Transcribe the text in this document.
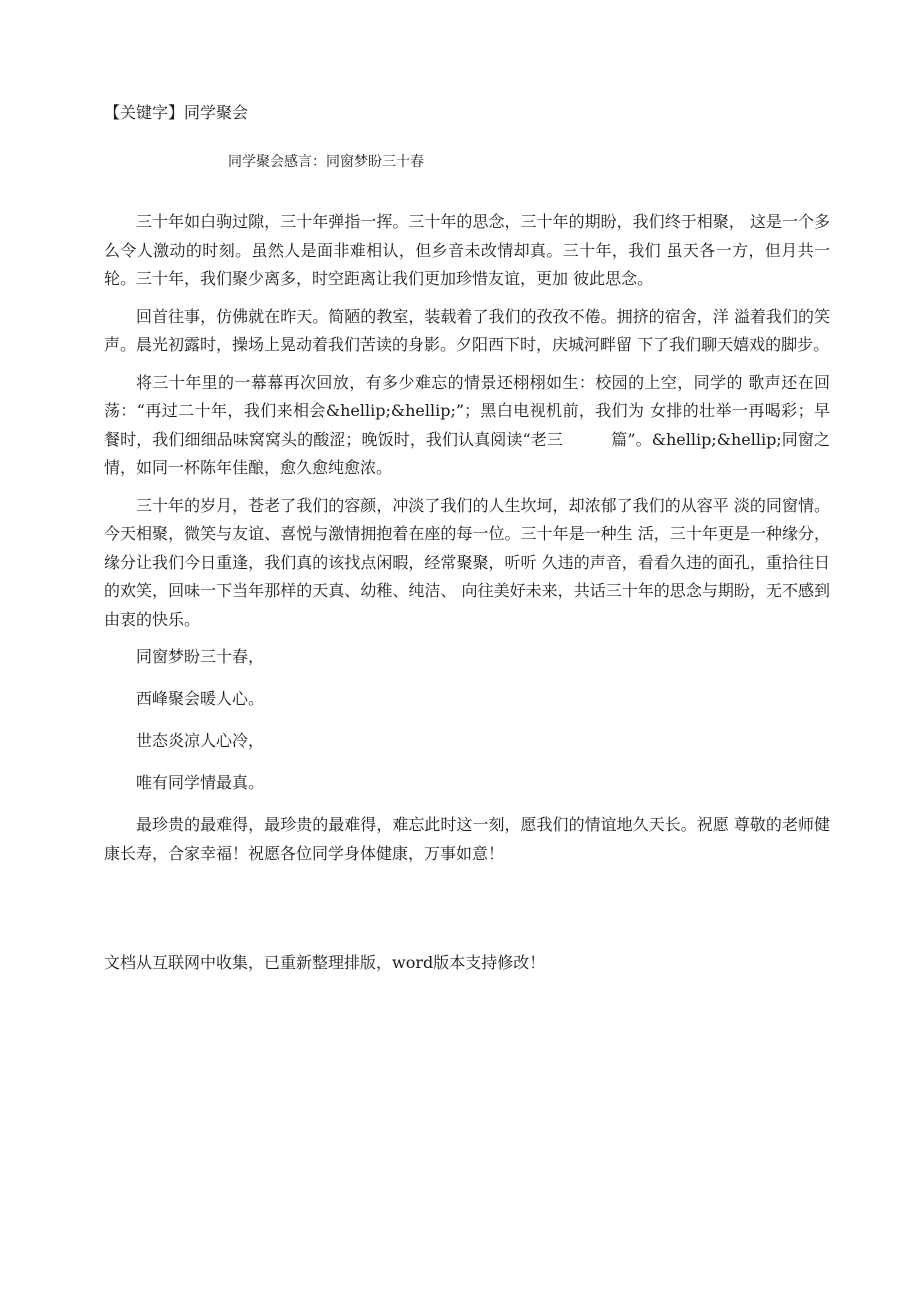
【关键字】同学聚会
同学聚会感言：同窗梦盼三十春

三十年如白驹过隙，三十年弹指一挥。三十年的思念，三十年的期盼，我们终于相聚， 这是一个多么令人激动的时刻。虽然人是面非难相认，但乡音未改情却真。三十年，我们 虽天各一方，但月共一轮。三十年，我们聚少离多，时空距离让我们更加珍惜友谊，更加 彼此思念。

回首往事，仿佛就在昨天。简陋的教室，装载着了我们的孜孜不倦。拥挤的宿舍，洋 溢着我们的笑声。晨光初露时，操场上晃动着我们苦读的身影。夕阳西下时，庆城河畔留 下了我们聊天嬉戏的脚步。

将三十年里的一幕幕再次回放，有多少难忘的情景还栩栩如生：校园的上空，同学的 歌声还在回荡：“再过二十年，我们来相会&hellip;&hellip;”；黑白电视机前，我们为 女排的壮举一再喝彩；早餐时，我们细细品味窝窝头的酸涩；晚饭时，我们认真阅读“老三　　　篇”。&hellip;&hellip;同窗之情，如同一杯陈年佳酿，愈久愈纯愈浓。

三十年的岁月，苍老了我们的容颜，冲淡了我们的人生坎坷，却浓郁了我们的从容平 淡的同窗情。今天相聚，微笑与友谊、喜悦与激情拥抱着在座的每一位。三十年是一种生 活，三十年更是一种缘分，缘分让我们今日重逢，我们真的该找点闲暇，经常聚聚，听听 久违的声音，看看久违的面孔，重拾往日的欢笑，回味一下当年那样的天真、幼稚、纯洁、 向往美好未来，共话三十年的思念与期盼，无不感到由衷的快乐。

同窗梦盼三十春，

西峰聚会暖人心。

世态炎凉人心冷，

唯有同学情最真。

最珍贵的最难得，最珍贵的最难得，难忘此时这一刻，愿我们的情谊地久天长。祝愿 尊敬的老师健康长寿，合家幸福！祝愿各位同学身体健康，万事如意！

文档从互联网中收集，已重新整理排版，word版本支持修改！
